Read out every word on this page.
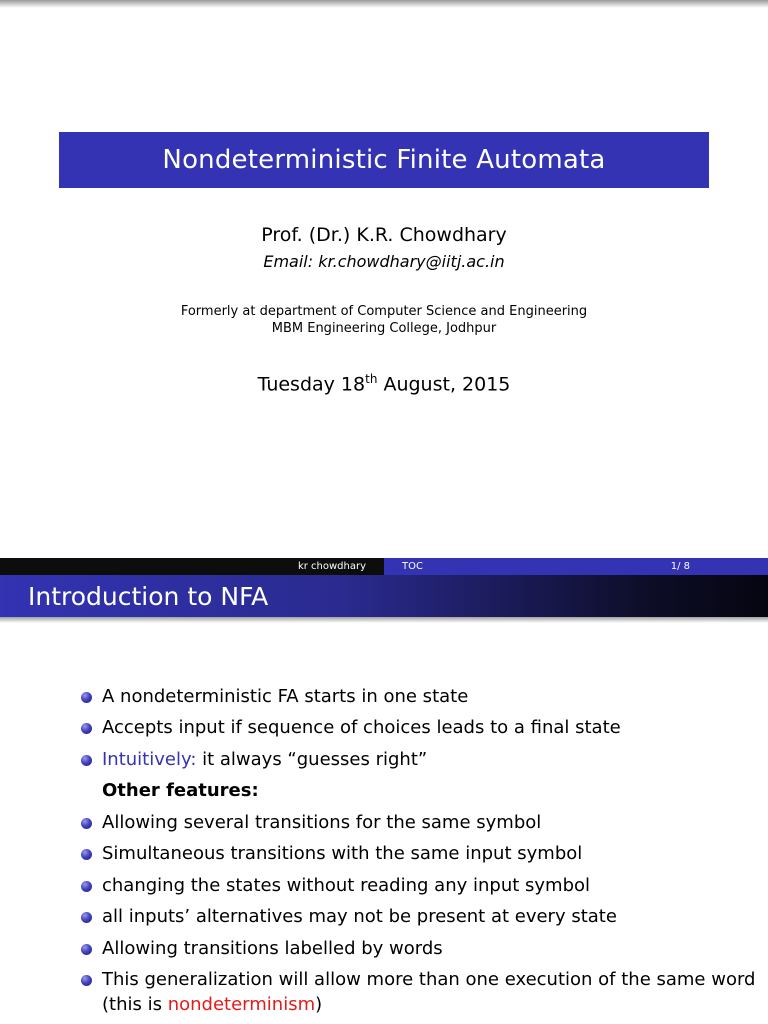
Nondeterministic Finite Automata
Prof. (Dr.) K.R. Chowdhary
Email: kr.chowdhary@iitj.ac.in
Formerly at department of Computer Science and Engineering
MBM Engineering College, Jodhpur
Tuesday 18th August, 2015
kr chowdhary	TOC	1/ 8
Introduction to NFA
A nondeterministic FA starts in one state
Accepts input if sequence of choices leads to a final state
Intuitively: it always “guesses right”
Other features:
Allowing several transitions for the same symbol
Simultaneous transitions with the same input symbol
changing the states without reading any input symbol
all inputs’ alternatives may not be present at every state
Allowing transitions labelled by words
This generalization will allow more than one execution of the same word (this is nondeterminism)
